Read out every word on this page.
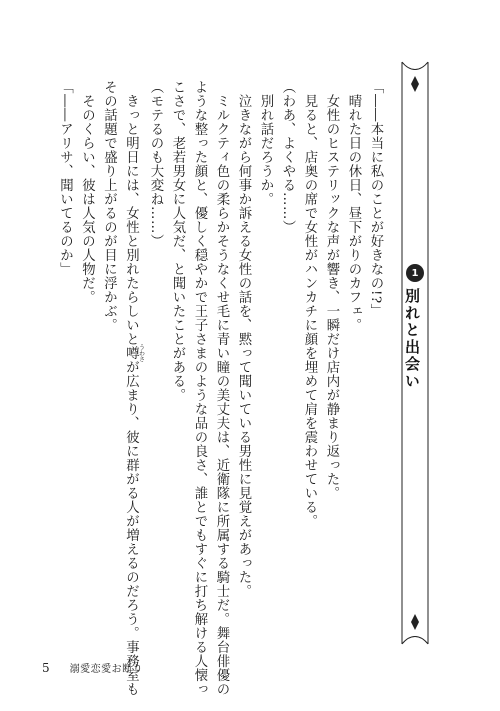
「――本当に私のことが好きなの!?」

　晴れた日の休日、昼下がりのカフェ。

　女性のヒステリックな声が響き、一瞬だけ店内が静まり返った。

　見ると、店奥の席で女性がハンカチに顔を埋めて肩を震わせている。

（わあ、よくやる……）

　別れ話だろうか。

　泣きながら何事か訴える女性の話を、黙って聞いている男性に見覚えがあった。

　ミルクティ色の柔らかそうなくせ毛に青い瞳の美丈夫は、近衛隊に所属する騎士だ。舞台俳優の

ような整った顔と、優しく穏やかで王子さまのような品の良さ、誰とでもすぐに打ち解ける人懐っ

こさで、老若男女に人気だ、と聞いたことがある。

（モテるのも大変ね……）

　きっと明日には、女性と別れたらしいと噂 うわさが広まり、彼に群がる人が増えるのだろう。事務室も

その話題で盛り上がるのが目に浮かぶ。

　そのくらい、彼は人気の人物だ。

「――アリサ、聞いてるのか」	1
別れと出会い
5 溺愛恋愛お断り
